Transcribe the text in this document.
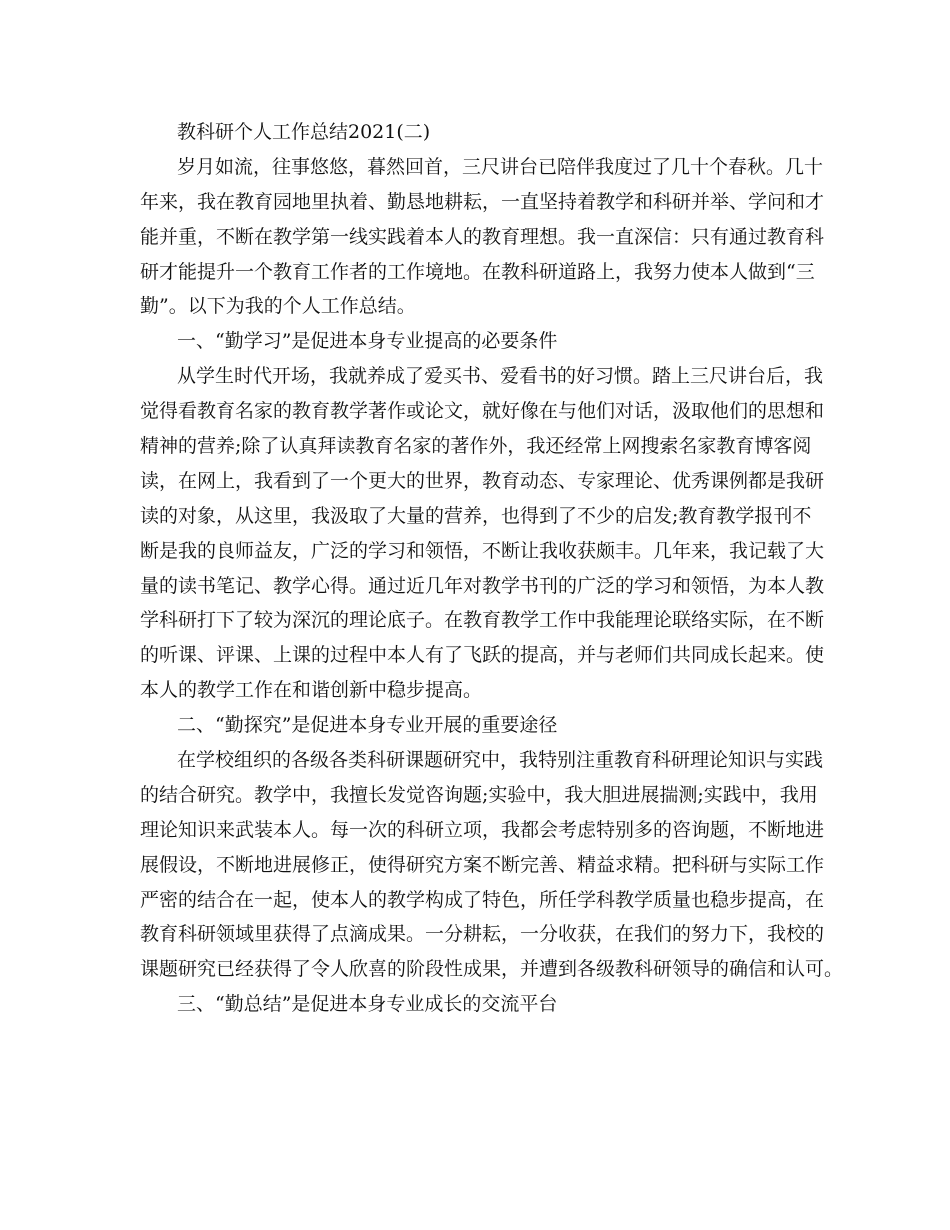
教科研个人工作总结2021(二)
岁月如流，往事悠悠，暮然回首，三尺讲台已陪伴我度过了几十个春秋。几十
年来，我在教育园地里执着、勤恳地耕耘，一直坚持着教学和科研并举、学问和才
能并重，不断在教学第一线实践着本人的教育理想。我一直深信：只有通过教育科
研才能提升一个教育工作者的工作境地。在教科研道路上，我努力使本人做到“三
勤”。以下为我的个人工作总结。
一、“勤学习”是促进本身专业提高的必要条件
从学生时代开场，我就养成了爱买书、爱看书的好习惯。踏上三尺讲台后，我
觉得看教育名家的教育教学著作或论文，就好像在与他们对话，汲取他们的思想和
精神的营养;除了认真拜读教育名家的著作外，我还经常上网搜索名家教育博客阅
读，在网上，我看到了一个更大的世界，教育动态、专家理论、优秀课例都是我研
读的对象，从这里，我汲取了大量的营养，也得到了不少的启发;教育教学报刊不
断是我的良师益友，广泛的学习和领悟，不断让我收获颇丰。几年来，我记载了大
量的读书笔记、教学心得。通过近几年对教学书刊的广泛的学习和领悟，为本人教
学科研打下了较为深沉的理论底子。在教育教学工作中我能理论联络实际，在不断
的听课、评课、上课的过程中本人有了飞跃的提高，并与老师们共同成长起来。使
本人的教学工作在和谐创新中稳步提高。
二、“勤探究”是促进本身专业开展的重要途径
在学校组织的各级各类科研课题研究中，我特别注重教育科研理论知识与实践
的结合研究。教学中，我擅长发觉咨询题;实验中，我大胆进展揣测;实践中，我用
理论知识来武装本人。每一次的科研立项，我都会考虑特别多的咨询题，不断地进
展假设，不断地进展修正，使得研究方案不断完善、精益求精。把科研与实际工作
严密的结合在一起，使本人的教学构成了特色，所任学科教学质量也稳步提高，在
教育科研领域里获得了点滴成果。一分耕耘，一分收获，在我们的努力下，我校的
课题研究已经获得了令人欣喜的阶段性成果，并遭到各级教科研领导的确信和认可。
三、“勤总结”是促进本身专业成长的交流平台
